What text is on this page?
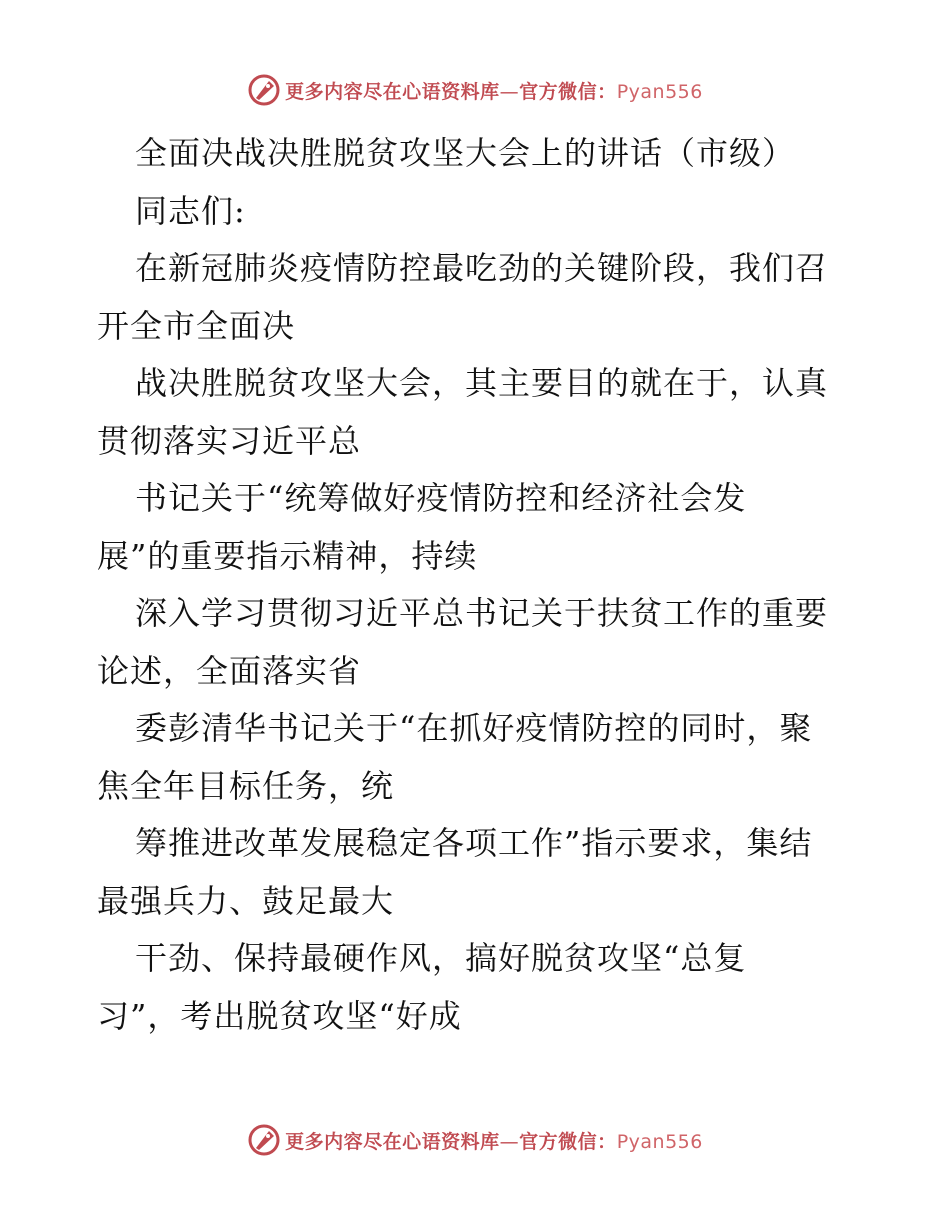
更多内容尽在心语资料库—官方微信：Pyan556
全面决战决胜脱贫攻坚大会上的讲话（市级）
同志们:
在新冠肺炎疫情防控最吃劲的关键阶段，我们召
开全市全面决
战决胜脱贫攻坚大会，其主要目的就在于，认真
贯彻落实习近平总
书记关于“统筹做好疫情防控和经济社会发
展”的重要指示精神，持续
深入学习贯彻习近平总书记关于扶贫工作的重要
论述，全面落实省
委彭清华书记关于“在抓好疫情防控的同时，聚
焦全年目标任务，统
筹推进改革发展稳定各项工作”指示要求，集结
最强兵力、鼓足最大
干劲、保持最硬作风，搞好脱贫攻坚“总复
习”，考出脱贫攻坚“好成
更多内容尽在心语资料库—官方微信：Pyan556
